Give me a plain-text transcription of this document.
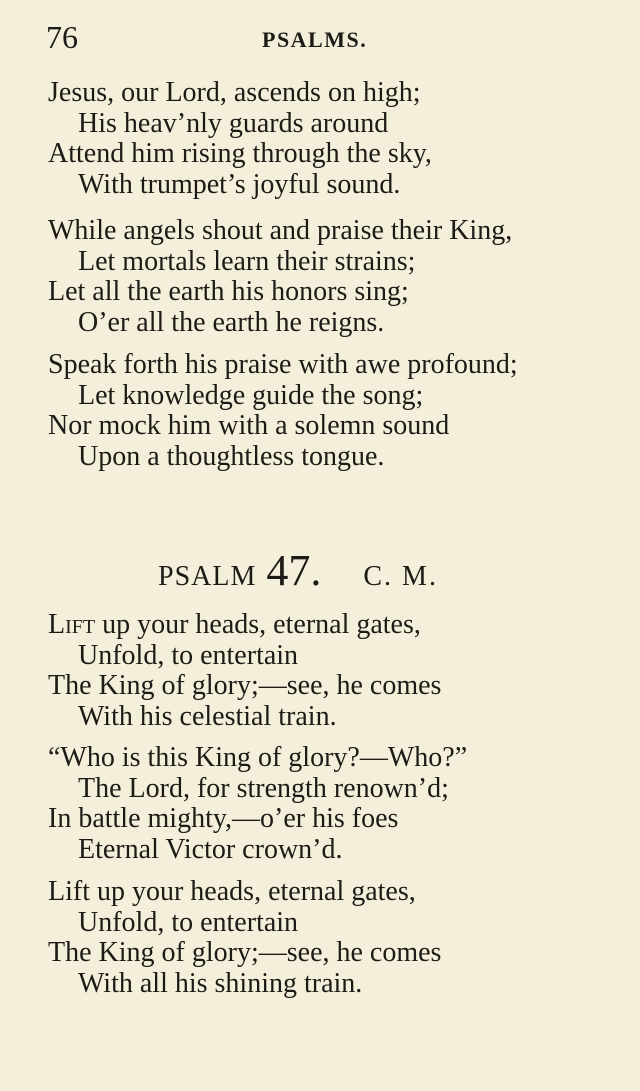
76	PSALMS.
Jesus, our Lord, ascends on high;
His heav’nly guards around
Attend him rising through the sky,
With trumpet’s joyful sound.
While angels shout and praise their King,
Let mortals learn their strains;
Let all the earth his honors sing;
O’er all the earth he reigns.
Speak forth his praise with awe profound;
Let knowledge guide the song;
Nor mock him with a solemn sound
Upon a thoughtless tongue.
PSALM 47. C. M.
Lift up your heads, eternal gates,
Unfold, to entertain
The King of glory;—see, he comes
With his celestial train.
“Who is this King of glory?—Who?”
The Lord, for strength renown’d;
In battle mighty,—o’er his foes
Eternal Victor crown’d.
Lift up your heads, eternal gates,
Unfold, to entertain
The King of glory;—see, he comes
With all his shining train.
